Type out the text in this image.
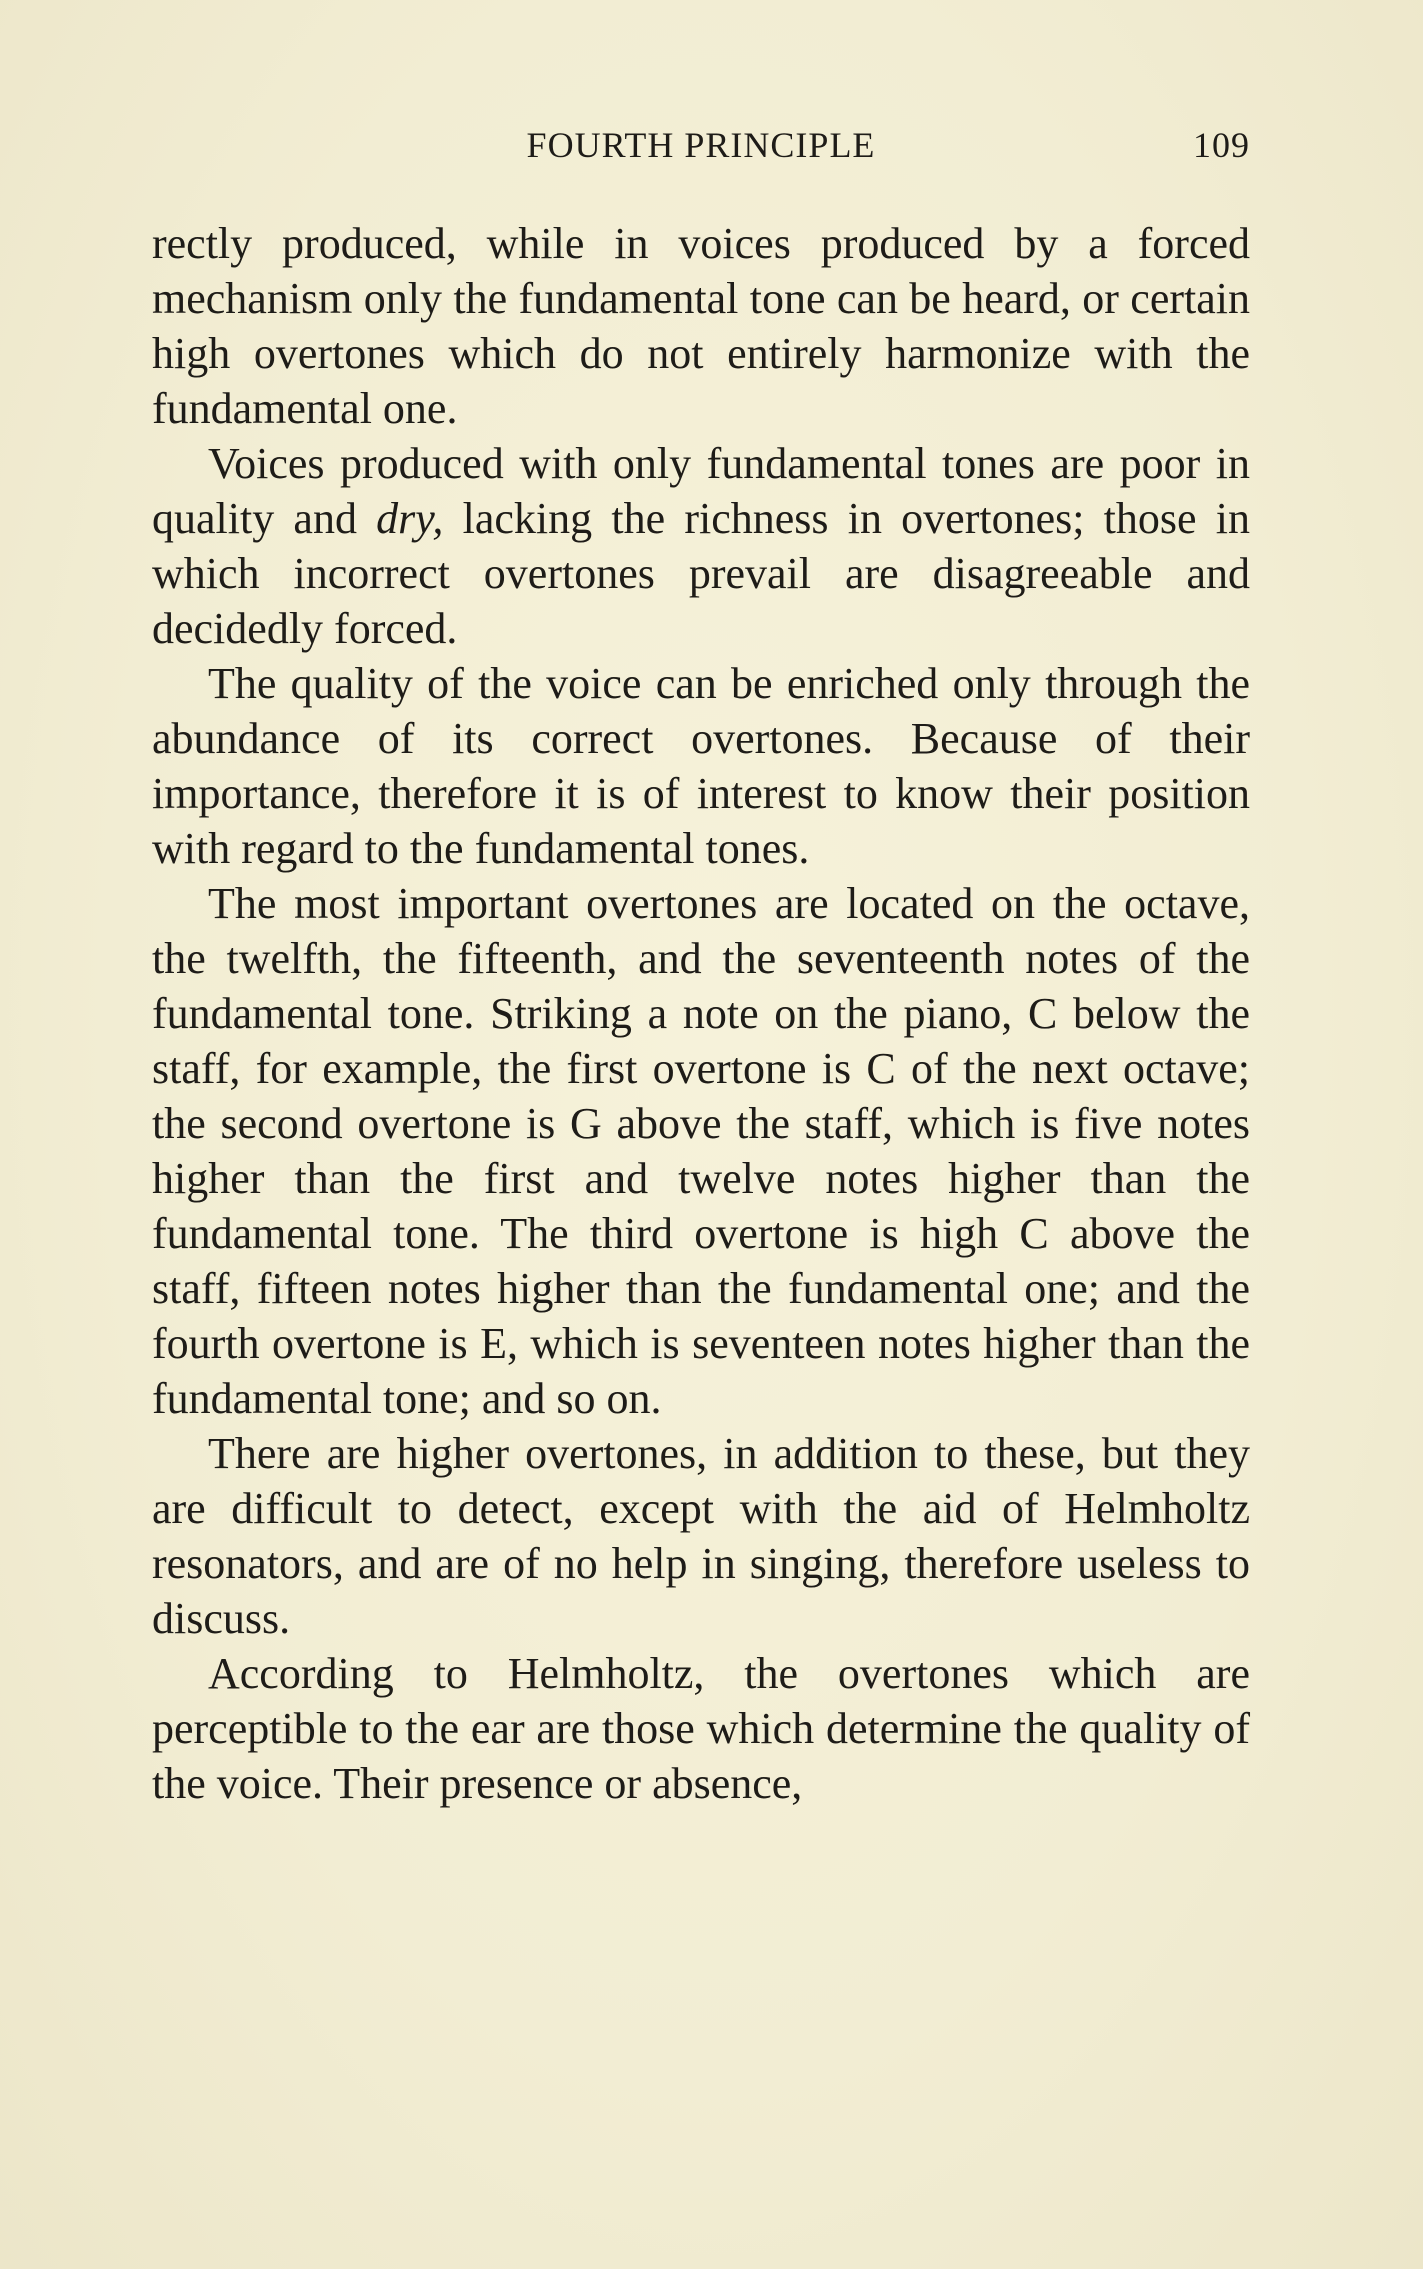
FOURTH PRINCIPLE	109

rectly produced, while in voices produced by a forced mechanism only the fundamental tone can be heard, or certain high overtones which do not entirely harmonize with the fundamental one.

Voices produced with only fundamental tones are poor in quality and dry, lacking the richness in overtones; those in which incorrect overtones prevail are disagreeable and decidedly forced.

The quality of the voice can be enriched only through the abundance of its correct overtones. Because of their importance, therefore it is of interest to know their position with regard to the fundamental tones.

The most important overtones are located on the octave, the twelfth, the fifteenth, and the seventeenth notes of the fundamental tone. Striking a note on the piano, C below the staff, for example, the first overtone is C of the next octave; the second overtone is G above the staff, which is five notes higher than the first and twelve notes higher than the fundamental tone. The third overtone is high C above the staff, fifteen notes higher than the fundamental one; and the fourth overtone is E, which is seventeen notes higher than the fundamental tone; and so on.

There are higher overtones, in addition to these, but they are difficult to detect, except with the aid of Helmholtz resonators, and are of no help in singing, therefore useless to discuss.

According to Helmholtz, the overtones which are perceptible to the ear are those which determine the quality of the voice. Their presence or absence,
